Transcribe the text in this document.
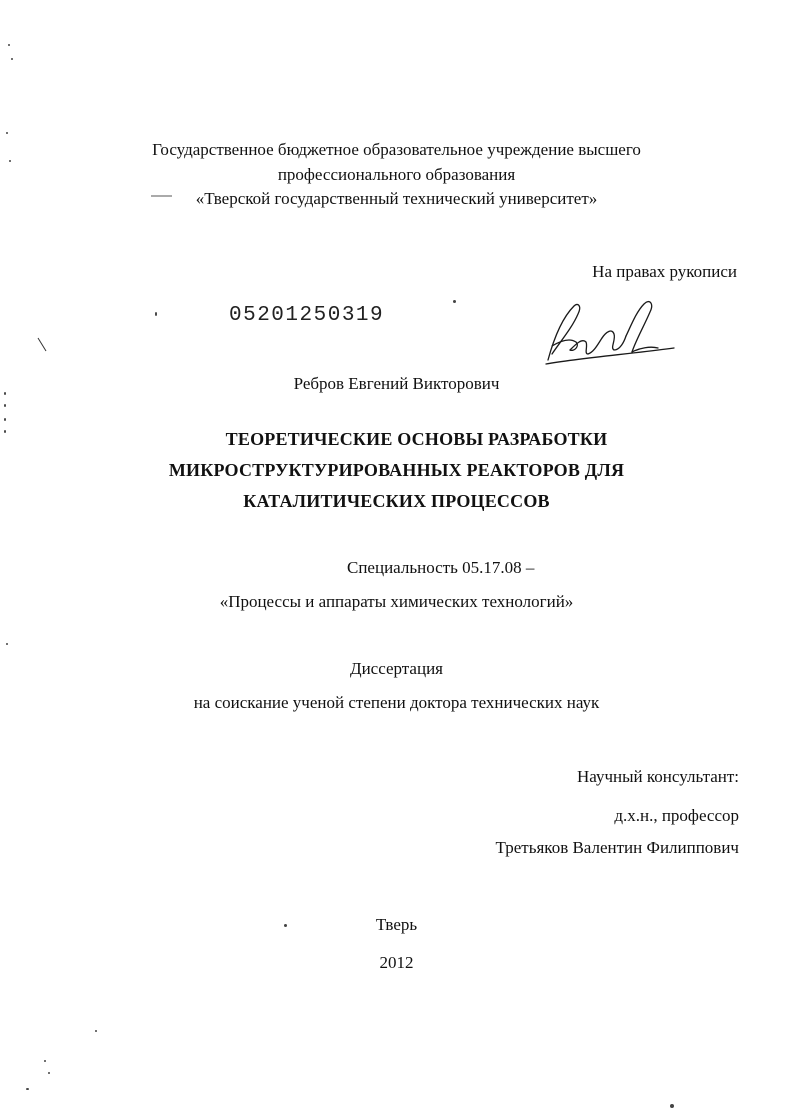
Государственное бюджетное образовательное учреждение высшего

профессионального образования

«Тверской государственный технический университет»

На правах рукописи

05201250319

Ребров Евгений Викторович

ТЕОРЕТИЧЕСКИЕ ОСНОВЫ РАЗРАБОТКИ

МИКРОСТРУКТУРИРОВАННЫХ РЕАКТОРОВ ДЛЯ

КАТАЛИТИЧЕСКИХ ПРОЦЕССОВ

Специальность 05.17.08 –

«Процессы и аппараты химических технологий»

Диссертация

на соискание ученой степени доктора технических наук

Научный консультант:

д.х.н., профессор

Третьяков Валентин Филиппович

Тверь

2012
